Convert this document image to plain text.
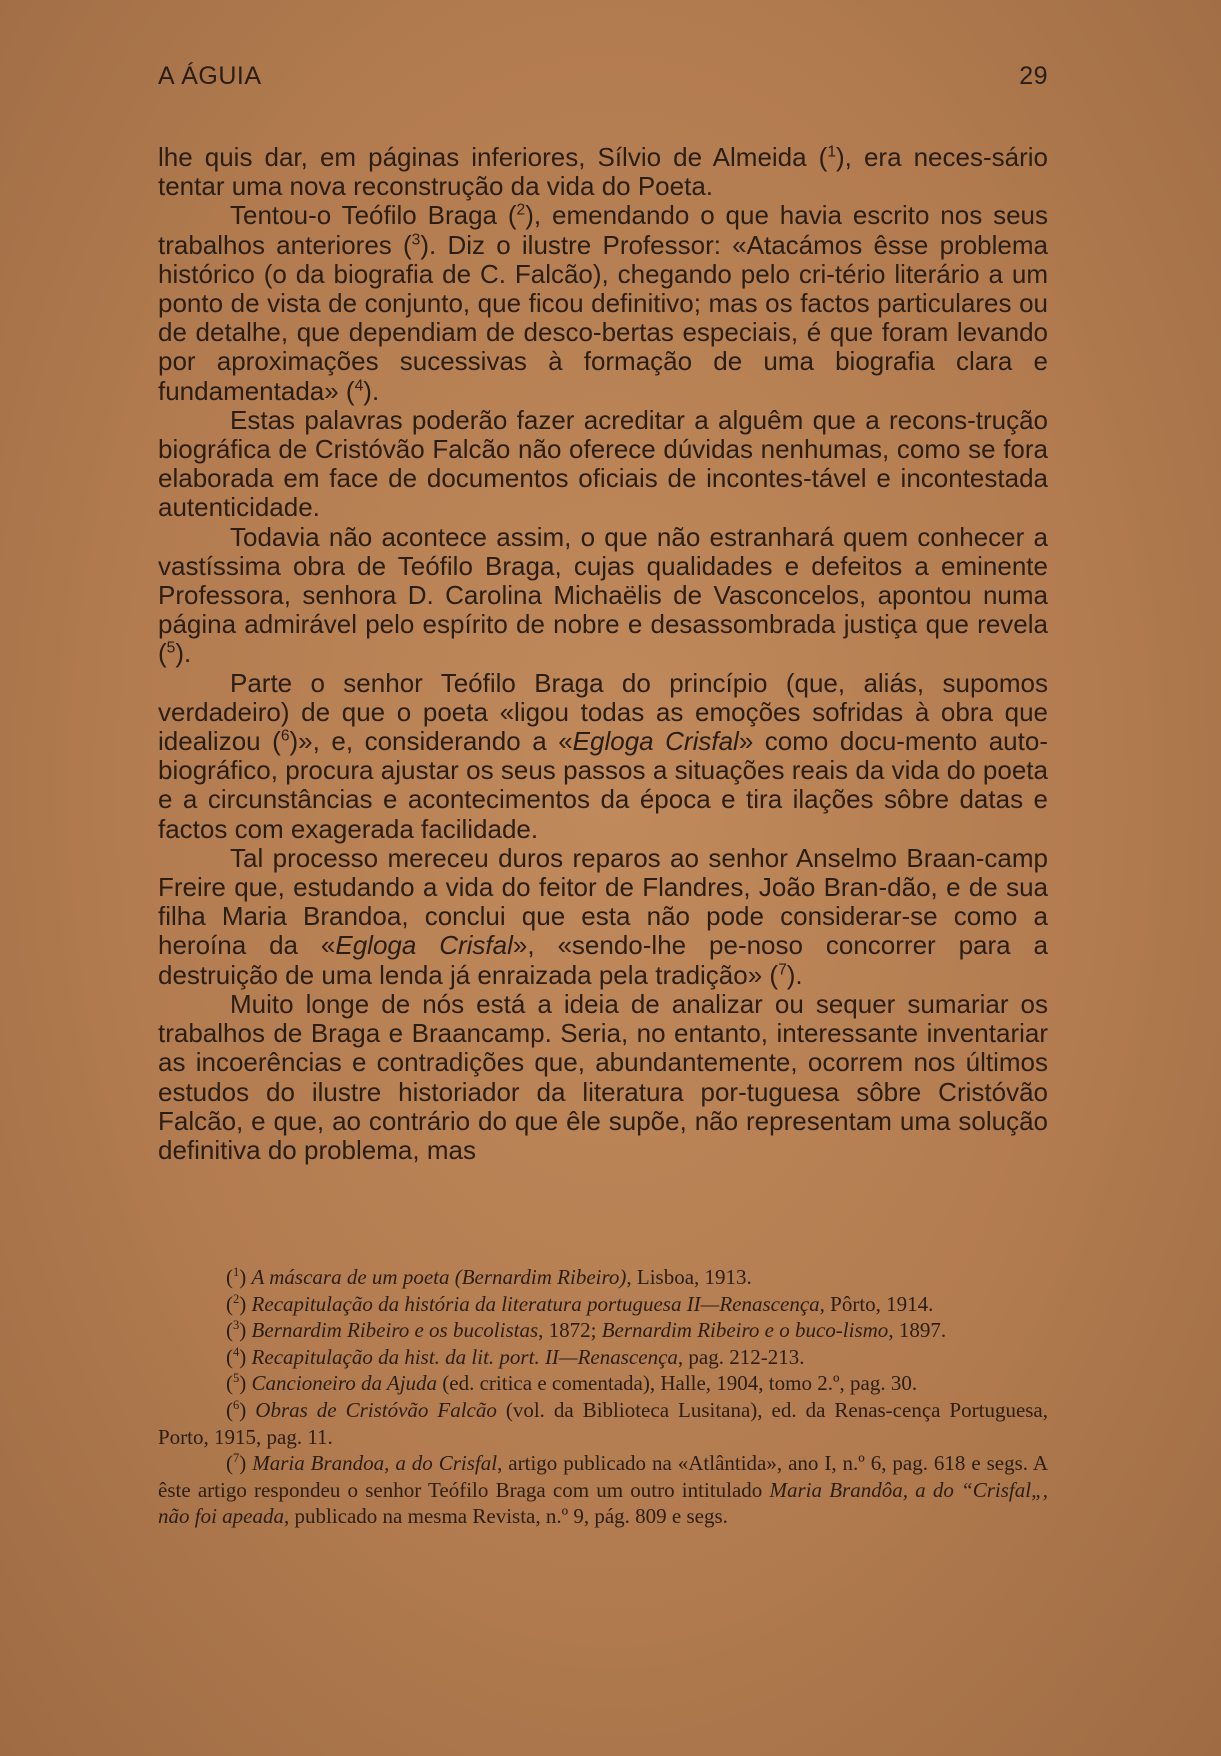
A ÁGUIA	29

lhe quis dar, em páginas inferiores, Sílvio de Almeida ($^1$), era neces-sário tentar uma nova reconstrução da vida do Poeta.

Tentou-o Teófilo Braga ($^2$), emendando o que havia escrito nos seus trabalhos anteriores ($^3$). Diz o ilustre Professor: «Atacámos êsse problema histórico (o da biografia de C. Falcão), chegando pelo cri-tério literário a um ponto de vista de conjunto, que ficou definitivo; mas os factos particulares ou de detalhe, que dependiam de desco-bertas especiais, é que foram levando por aproximações sucessivas à formação de uma biografia clara e fundamentada» ($^4$).

Estas palavras poderão fazer acreditar a alguêm que a recons-trução biográfica de Cristóvão Falcão não oferece dúvidas nenhumas, como se fora elaborada em face de documentos oficiais de incontes-tável e incontestada autenticidade.

Todavia não acontece assim, o que não estranhará quem conhecer a vastíssima obra de Teófilo Braga, cujas qualidades e defeitos a eminente Professora, senhora D. Carolina Michaëlis de Vasconcelos, apontou numa página admirável pelo espírito de nobre e desassombrada justiça que revela ($^5$).

Parte o senhor Teófilo Braga do princípio (que, aliás, supomos verdadeiro) de que o poeta «ligou todas as emoções sofridas à obra que idealizou ($^6$)», e, considerando a «Egloga Crisfal» como docu-mento auto-biográfico, procura ajustar os seus passos a situações reais da vida do poeta e a circunstâncias e acontecimentos da época e tira ilações sôbre datas e factos com exagerada facilidade.

Tal processo mereceu duros reparos ao senhor Anselmo Braan-camp Freire que, estudando a vida do feitor de Flandres, João Bran-dão, e de sua filha Maria Brandoa, conclui que esta não pode considerar-se como a heroína da «Egloga Crisfal», «sendo-lhe pe-noso concorrer para a destruição de uma lenda já enraizada pela tradição» ($^7$).

Muito longe de nós está a ideia de analizar ou sequer sumariar os trabalhos de Braga e Braancamp. Seria, no entanto, interessante inventariar as incoerências e contradições que, abundantemente, ocorrem nos últimos estudos do ilustre historiador da literatura por-tuguesa sôbre Cristóvão Falcão, e que, ao contrário do que êle supõe, não representam uma solução definitiva do problema, mas

($^1$) A máscara de um poeta (Bernardim Ribeiro), Lisboa, 1913.

($^2$) Recapitulação da história da literatura portuguesa II—Renascença, Pôrto, 1914.

($^3$) Bernardim Ribeiro e os bucolistas, 1872; Bernardim Ribeiro e o buco-lismo, 1897.

($^4$) Recapitulação da hist. da lit. port. II—Renascença, pag. 212-213.

($^5$) Cancioneiro da Ajuda (ed. critica e comentada), Halle, 1904, tomo 2.º, pag. 30.

($^6$) Obras de Cristóvão Falcão (vol. da Biblioteca Lusitana), ed. da Renas-cença Portuguesa, Porto, 1915, pag. 11.

($^7$) Maria Brandoa, a do Crisfal, artigo publicado na «Atlântida», ano I, n.º 6, pag. 618 e segs. A êste artigo respondeu o senhor Teófilo Braga com um outro intitulado Maria Brandôa, a do “Crisfal„, não foi apeada, publicado na mesma Revista, n.º 9, pág. 809 e segs.
